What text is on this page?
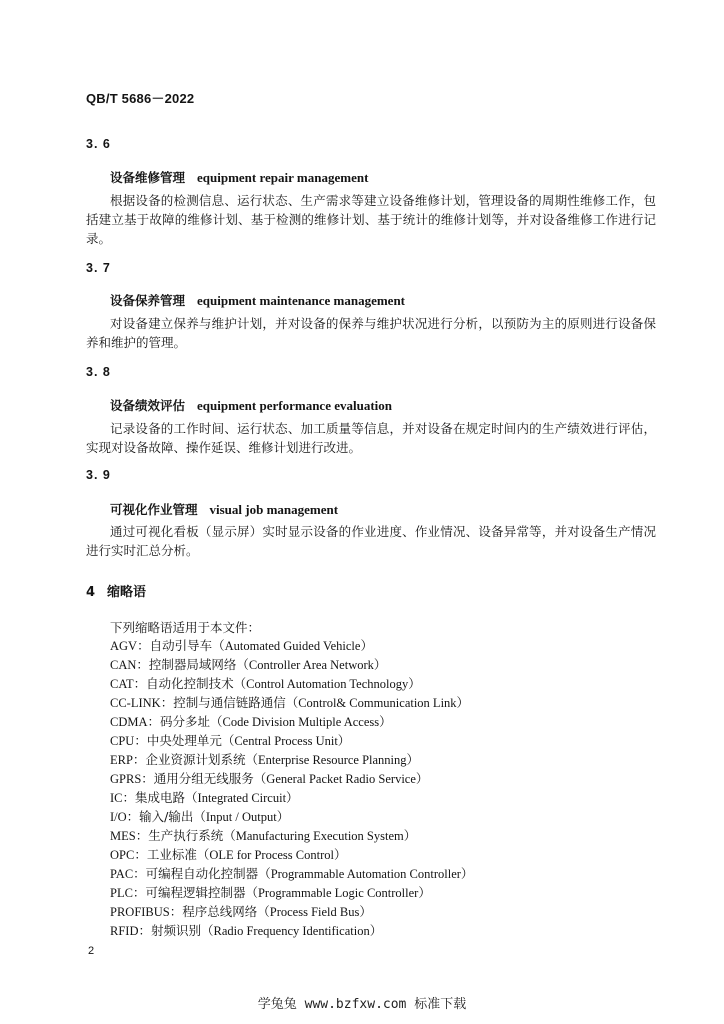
QB/T 5686－2022
3. 6
设备维修管理 equipment repair management
根据设备的检测信息、运行状态、生产需求等建立设备维修计划，管理设备的周期性维修工作，包括建立基于故障的维修计划、基于检测的维修计划、基于统计的维修计划等，并对设备维修工作进行记录。
3. 7
设备保养管理 equipment maintenance management
对设备建立保养与维护计划，并对设备的保养与维护状况进行分析，以预防为主的原则进行设备保养和维护的管理。
3. 8
设备绩效评估 equipment performance evaluation
记录设备的工作时间、运行状态、加工质量等信息，并对设备在规定时间内的生产绩效进行评估，实现对设备故障、操作延误、维修计划进行改进。
3. 9
可视化作业管理 visual job management
通过可视化看板（显示屏）实时显示设备的作业进度、作业情况、设备异常等，并对设备生产情况进行实时汇总分析。
4 缩略语
下列缩略语适用于本文件：
AGV：自动引导车（Automated Guided Vehicle）
CAN：控制器局域网络（Controller Area Network）
CAT：自动化控制技术（Control Automation Technology）
CC-LINK：控制与通信链路通信（Control& Communication Link）
CDMA：码分多址（Code Division Multiple Access）
CPU：中央处理单元（Central Process Unit）
ERP：企业资源计划系统（Enterprise Resource Planning）
GPRS：通用分组无线服务（General Packet Radio Service）
IC：集成电路（Integrated Circuit）
I/O：输入/输出（Input / Output）
MES：生产执行系统（Manufacturing Execution System）
OPC：工业标准（OLE for Process Control）
PAC：可编程自动化控制器（Programmable Automation Controller）
PLC：可编程逻辑控制器（Programmable Logic Controller）
PROFIBUS：程序总线网络（Process Field Bus）
RFID：射频识别（Radio Frequency Identification）
2
学兔兔 www.bzfxw.com 标准下载
